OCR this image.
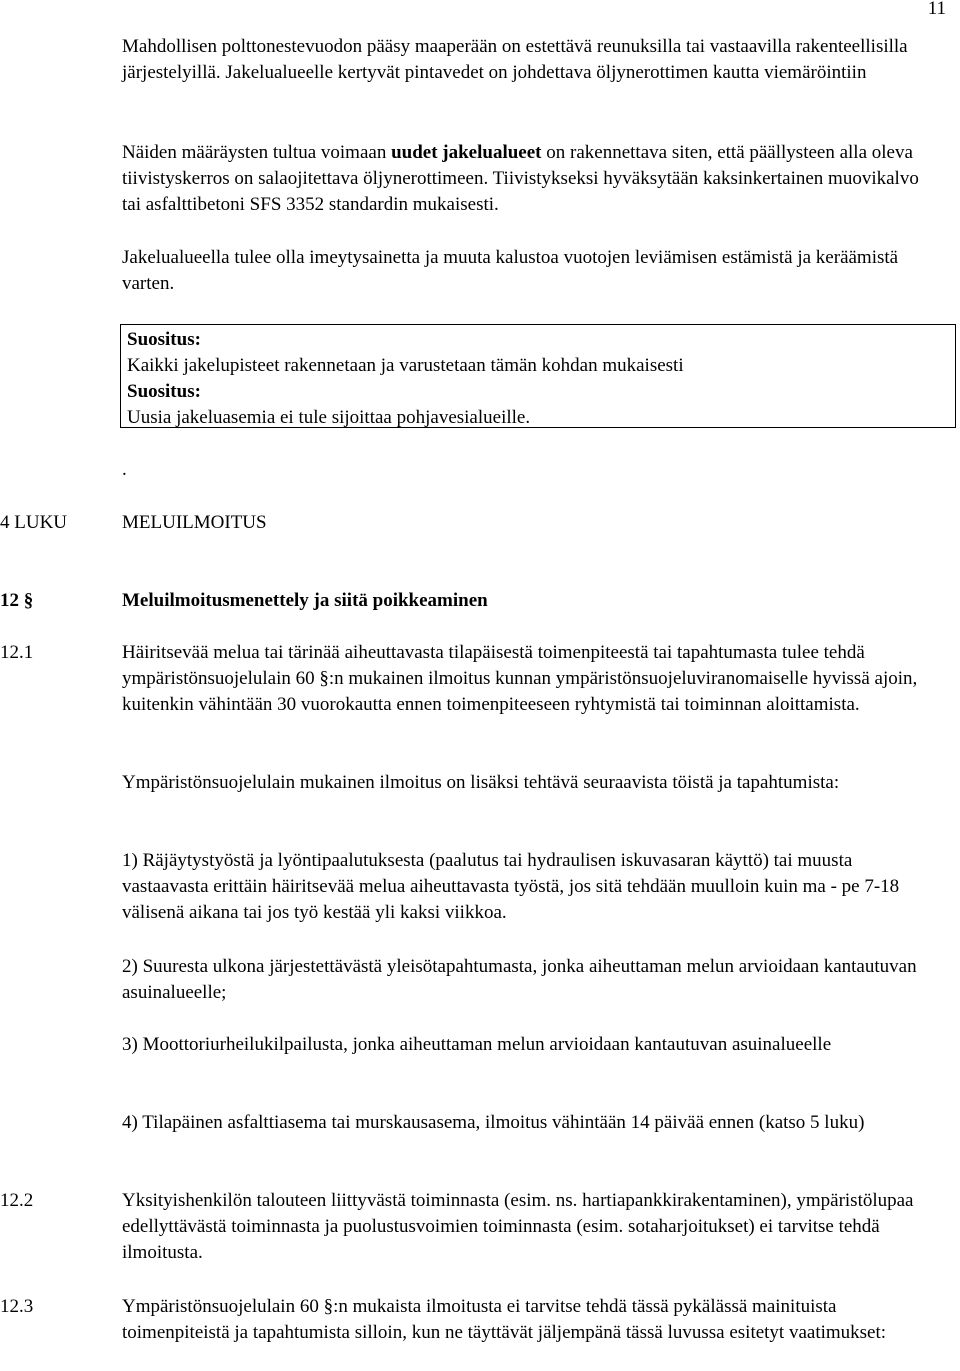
11

Mahdollisen polttonestevuodon pääsy maaperään on estettävä reunuksilla tai vastaavilla rakenteellisilla järjestelyillä. Jakelualueelle kertyvät pintavedet on johdettava öljynerottimen kautta viemäröintiin

Näiden määräysten tultua voimaan uudet jakelualueet on rakennettava siten, että päällysteen alla oleva tiivistyskerros on salaojitettava öljynerottimeen. Tiivistykseksi hyväksytään kaksinkertainen muovikalvo tai asfalttibetoni SFS 3352 standardin mukaisesti.

Jakelualueella tulee olla imeytysainetta ja muuta kalustoa vuotojen leviämisen estämistä ja keräämistä varten.

Suositus:
Kaikki jakelupisteet rakennetaan ja varustetaan tämän kohdan mukaisesti
Suositus:
Uusia jakeluasemia ei tule sijoittaa pohjavesialueille.
.
4 LUKU	MELUILMOITUS
12 §	Meluilmoitusmenettely ja siitä poikkeaminen
12.1	Häiritsevää melua tai tärinää aiheuttavasta tilapäisestä toimenpiteestä tai tapahtumasta tulee tehdä ympäristönsuojelulain 60 §:n mukainen ilmoitus kunnan ympäristönsuojeluviranomaiselle hyvissä ajoin, kuitenkin vähintään 30 vuorokautta ennen toimenpiteeseen ryhtymistä tai toiminnan aloittamista.

Ympäristönsuojelulain mukainen ilmoitus on lisäksi tehtävä seuraavista töistä ja tapahtumista:

1) Räjäytystyöstä ja lyöntipaalutuksesta (paalutus tai hydraulisen iskuvasaran käyttö) tai muusta vastaavasta erittäin häiritsevää melua aiheuttavasta työstä, jos sitä tehdään muulloin kuin ma - pe 7-18 välisenä aikana tai jos työ kestää yli kaksi viikkoa.

2) Suuresta ulkona järjestettävästä yleisötapahtumasta, jonka aiheuttaman melun arvioidaan kantautuvan asuinalueelle;

3) Moottoriurheilukilpailusta, jonka aiheuttaman melun arvioidaan kantautuvan asuinalueelle

4) Tilapäinen asfalttiasema tai murskausasema, ilmoitus vähintään 14 päivää ennen (katso 5 luku)

12.2	Yksityishenkilön talouteen liittyvästä toiminnasta (esim. ns. hartiapankkirakentaminen), ympäristölupaa edellyttävästä toiminnasta ja puolustusvoimien toiminnasta (esim. sotaharjoitukset) ei tarvitse tehdä ilmoitusta.

12.3	Ympäristönsuojelulain 60 §:n mukaista ilmoitusta ei tarvitse tehdä tässä pykälässä mainituista toimenpiteistä ja tapahtumista silloin, kun ne täyttävät jäljempänä tässä luvussa esitetyt vaatimukset:
